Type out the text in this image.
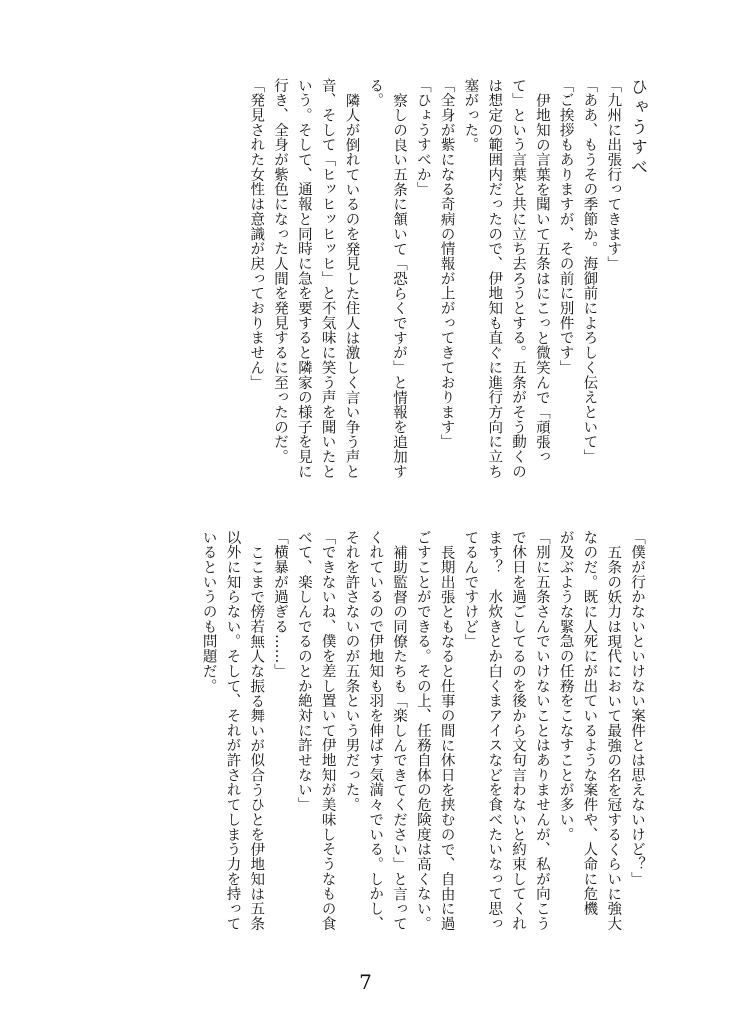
ひゃうすべ

「九州に出張行ってきます」

「ああ、もうその季節か。海御前によろしく伝えといて」

「ご挨拶もありますが、その前に別件です」

伊地知の言葉を聞いて五条はにこっと微笑んで「頑張っ

て」という言葉と共に立ち去ろうとする。五条がそう動くの

は想定の範囲内だったので、伊地知も直ぐに進行方向に立ち

塞がった。

「全身が紫になる奇病の情報が上がってきております」

「ひょうすべか」

察しの良い五条に頷いて「恐らくですが」と情報を追加す

る。

隣人が倒れているのを発見した住人は激しく言い争う声と

音、そして「ヒッヒッヒッヒ」と不気味に笑う声を聞いたと

いう。そして、通報と同時に急を要すると隣家の様子を見に

行き、全身が紫色になった人間を発見するに至ったのだ。

「発見された女性は意識が戻っておりません」

「僕が行かないといけない案件とは思えないけど？」

五条の妖力は現代において最強の名を冠するくらいに強大

なのだ。既に人死にが出ているような案件や、人命に危機

が及ぶような緊急の任務をこなすことが多い。

「別に五条さんでいけないことはありませんが、私が向こう

で休日を過ごしてるのを後から文句言わないと約束してくれ

ます？　水炊きとか白くまアイスなどを食べたいなって思っ

てるんですけど」

長期出張ともなると仕事の間に休日を挟むので、自由に過

ごすことができる。その上、任務自体の危険度は高くない。

補助監督の同僚たちも「楽しんできてください」と言って

くれているので伊地知も羽を伸ばす気満々でいる。しかし、

それを許さないのが五条という男だった。

「できないね、僕を差し置いて伊地知が美味しそうなもの食

べて、楽しんでるのとか絶対に許せない」

「横暴が過ぎる……」

ここまで傍若無人な振る舞いが似合うひとを伊地知は五条

以外に知らない。そして、それが許されてしまう力を持って

いるというのも問題だ。

7
